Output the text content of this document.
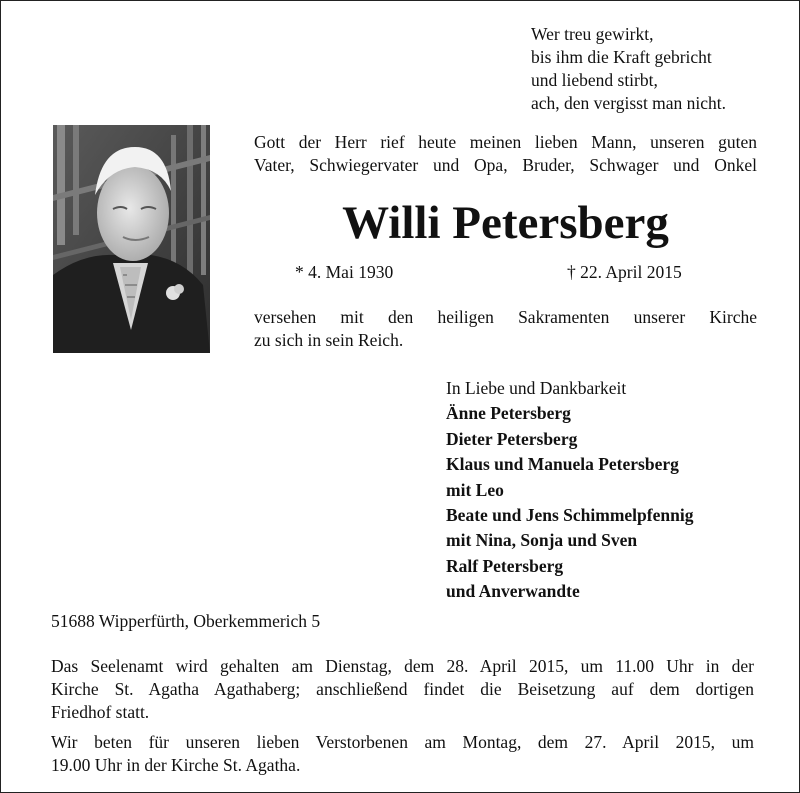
Wer treu gewirkt,
bis ihm die Kraft gebricht
und liebend stirbt,
ach, den vergisst man nicht.
Gott der Herr rief heute meinen lieben Mann, unseren guten
Vater, Schwiegervater und Opa, Bruder, Schwager und Onkel
Willi Petersberg
* 4. Mai 1930	† 22. April 2015
versehen mit den heiligen Sakramenten unserer Kirche
zu sich in sein Reich.
In Liebe und Dankbarkeit
Änne Petersberg
Dieter Petersberg
Klaus und Manuela Petersberg
mit Leo
Beate und Jens Schimmelpfennig
mit Nina, Sonja und Sven
Ralf Petersberg
und Anverwandte
51688 Wipperfürth, Oberkemmerich 5
Das Seelenamt wird gehalten am Dienstag, dem 28. April 2015, um 11.00 Uhr in der
Kirche St. Agatha Agathaberg; anschließend findet die Beisetzung auf dem dortigen
Friedhof statt.
Wir beten für unseren lieben Verstorbenen am Montag, dem 27. April 2015, um
19.00 Uhr in der Kirche St. Agatha.
